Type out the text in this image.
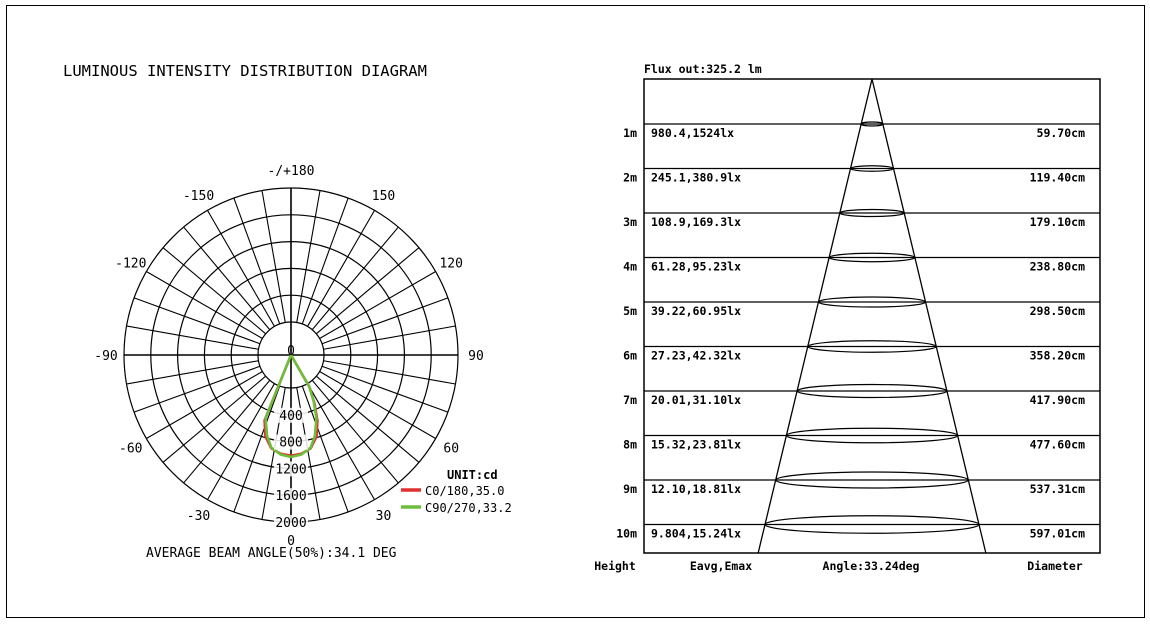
LUMINOUS INTENSITY DISTRIBUTION DIAGRAM
0
30
-30
60
-60
90
-90
120
-120
150
-150
-/+180
400
800
1200
1600
2000
0
UNIT:cd
C0/180,35.0
C90/270,33.2
AVERAGE BEAM ANGLE(50%):34.1 DEG
Flux out:325.2 lm
1m 980.4,1524lx	59.70cm
2m 245.1,380.9lx	119.40cm
3m 108.9,169.3lx	179.10cm
4m 61.28,95.23lx	238.80cm
5m 39.22,60.95lx	298.50cm
6m 27.23,42.32lx	358.20cm
7m 20.01,31.10lx	417.90cm
8m 15.32,23.81lx	477.60cm
9m 12.10,18.81lx	537.31cm
10m 9.804,15.24lx	597.01cm
Height	Eavg,Emax	Angle:33.24deg	Diameter
